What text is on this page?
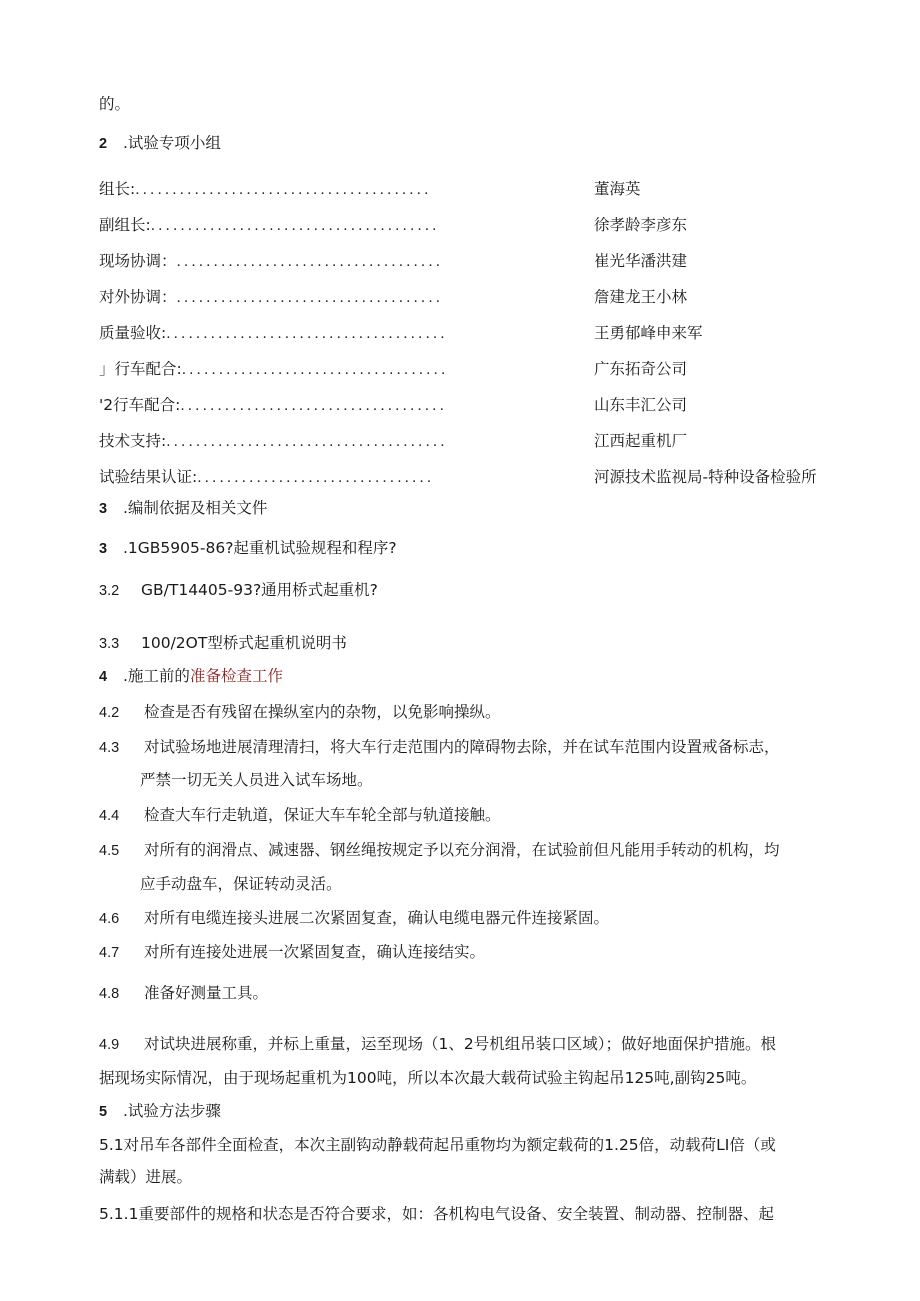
的。
2 .试验专项小组
组长:........................................	董海英
副组长:.......................................	徐孝龄李彦东
现场协调：....................................	崔光华潘洪建
对外协调：....................................	詹建龙王小林
质量验收:......................................	王勇郁峰申来军
」行车配合:....................................	广东拓奇公司
'2行车配合:....................................	山东丰汇公司
技术支持:......................................	江西起重机厂
试验结果认证:................................	河源技术监视局-特种设备检验所
3 .编制依据及相关文件
3 .1GB5905-86?起重机试验规程和程序?
3.2 GB/T14405-93?通用桥式起重机?
3.3 100/2OT型桥式起重机说明书
4 .施工前的准备检查工作
4.2 检查是否有残留在操纵室内的杂物，以免影响操纵。
4.3 对试验场地进展清理清扫，将大车行走范围内的障碍物去除，并在试车范围内设置戒备标志，
严禁一切无关人员进入试车场地。
4.4 检查大车行走轨道，保证大车车轮全部与轨道接触。
4.5 对所有的润滑点、减速器、钢丝绳按规定予以充分润滑，在试验前但凡能用手转动的机构，均
应手动盘车，保证转动灵活。
4.6 对所有电缆连接头进展二次紧固复查，确认电缆电器元件连接紧固。
4.7 对所有连接处进展一次紧固复查，确认连接结实。
4.8 准备好测量工具。
4.9 对试块进展称重，并标上重量，运至现场（1、2号机组吊装口区域）；做好地面保护措施。根
据现场实际情况，由于现场起重机为100吨，所以本次最大载荷试验主钩起吊125吨,副钩25吨。
5 .试验方法步骤
5.1对吊车各部件全面检查，本次主副钩动静载荷起吊重物均为额定载荷的1.25倍，动载荷LI倍（或
满载）进展。
5.1.1重要部件的规格和状态是否符合要求，如：各机构电气设备、安全装置、制动器、控制器、起
